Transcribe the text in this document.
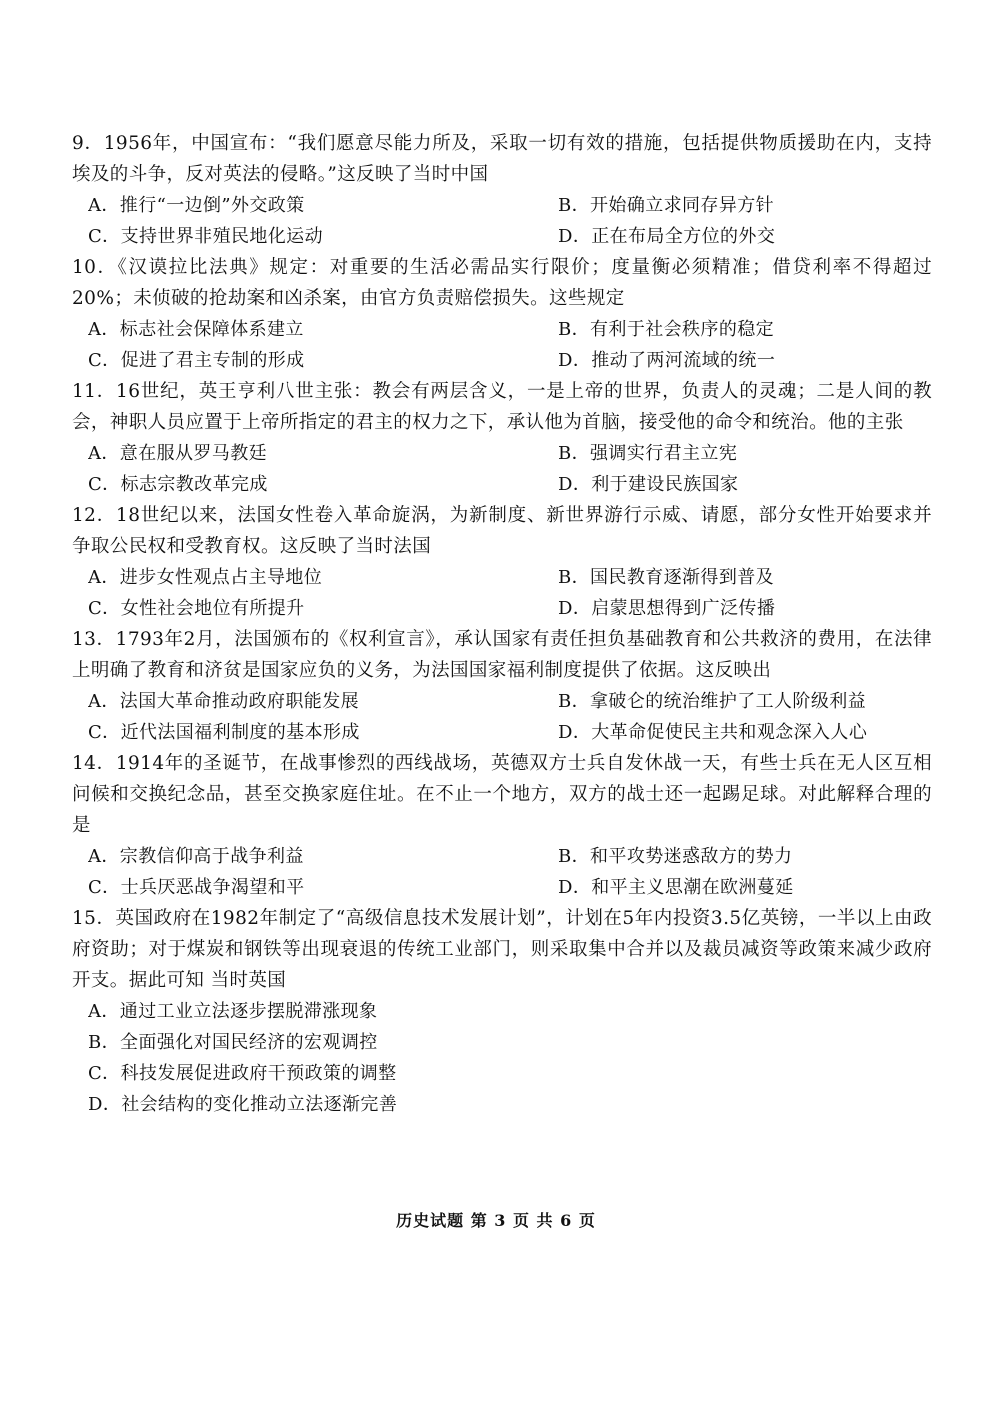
9．1956年，中国宣布：“我们愿意尽能力所及，采取一切有效的措施，包括提供物质援助在内，支持埃及的斗争，反对英法的侵略。”这反映了当时中国

A．推行“一边倒”外交政策	B．开始确立求同存异方针
C．支持世界非殖民地化运动	D．正在布局全方位的外交

10．《汉谟拉比法典》规定：对重要的生活必需品实行限价；度量衡必须精准；借贷利率不得超过20%；未侦破的抢劫案和凶杀案，由官方负责赔偿损失。这些规定

A．标志社会保障体系建立	B．有利于社会秩序的稳定
C．促进了君主专制的形成	D．推动了两河流域的统一

11．16世纪，英王亨利八世主张：教会有两层含义，一是上帝的世界，负责人的灵魂；二是人间的教会，神职人员应置于上帝所指定的君主的权力之下，承认他为首脑，接受他的命令和统治。他的主张

A．意在服从罗马教廷	B．强调实行君主立宪
C．标志宗教改革完成	D．利于建设民族国家

12．18世纪以来，法国女性卷入革命旋涡，为新制度、新世界游行示威、请愿，部分女性开始要求并争取公民权和受教育权。这反映了当时法国

A．进步女性观点占主导地位	B．国民教育逐渐得到普及
C．女性社会地位有所提升	D．启蒙思想得到广泛传播

13．1793年2月，法国颁布的《权利宣言》，承认国家有责任担负基础教育和公共救济的费用，在法律上明确了教育和济贫是国家应负的义务，为法国国家福利制度提供了依据。这反映出

A．法国大革命推动政府职能发展	B．拿破仑的统治维护了工人阶级利益
C．近代法国福利制度的基本形成	D．大革命促使民主共和观念深入人心

14．1914年的圣诞节，在战事惨烈的西线战场，英德双方士兵自发休战一天，有些士兵在无人区互相问候和交换纪念品，甚至交换家庭住址。在不止一个地方，双方的战士还一起踢足球。对此解释合理的是

A．宗教信仰高于战争利益	B．和平攻势迷惑敌方的势力
C．士兵厌恶战争渴望和平	D．和平主义思潮在欧洲蔓延

15．英国政府在1982年制定了“高级信息技术发展计划”，计划在5年内投资3.5亿英镑，一半以上由政府资助；对于煤炭和钢铁等出现衰退的传统工业部门，则采取集中合并以及裁员减资等政策来减少政府开支。据此可知 当时英国

A．通过工业立法逐步摆脱滞涨现象
B．全面强化对国民经济的宏观调控
C．科技发展促进政府干预政策的调整
D．社会结构的变化推动立法逐渐完善
历史试题 第 3 页 共 6 页
